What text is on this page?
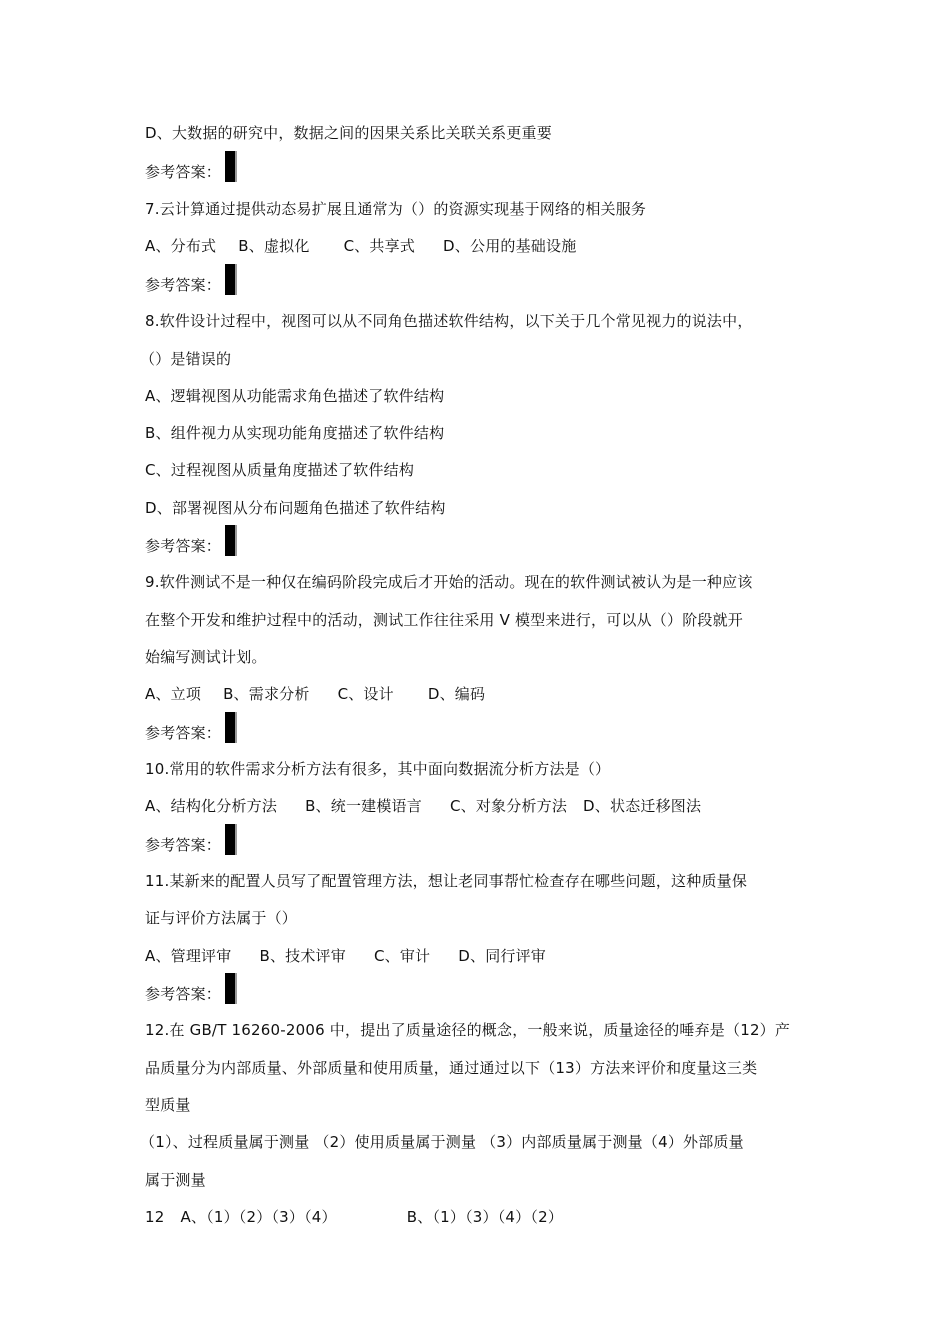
D、大数据的研究中，数据之间的因果关系比关联关系更重要
参考答案：
7.云计算通过提供动态易扩展且通常为（）的资源实现基于网络的相关服务
A、分布式 B、虚拟化 C、共享式 D、公用的基础设施
参考答案：
8.软件设计过程中，视图可以从不同角色描述软件结构，以下关于几个常见视力的说法中，
（）是错误的
A、逻辑视图从功能需求角色描述了软件结构
B、组件视力从实现功能角度描述了软件结构
C、过程视图从质量角度描述了软件结构
D、部署视图从分布问题角色描述了软件结构
参考答案：
9.软件测试不是一种仅在编码阶段完成后才开始的活动。现在的软件测试被认为是一种应该
在整个开发和维护过程中的活动，测试工作往往采用 V 模型来进行，可以从（）阶段就开
始编写测试计划。
A、立项 B、需求分析 C、设计 D、编码
参考答案：
10.常用的软件需求分析方法有很多，其中面向数据流分析方法是（）
A、结构化分析方法 B、统一建模语言 C、对象分析方法 D、状态迁移图法
参考答案：
11.某新来的配置人员写了配置管理方法，想让老同事帮忙检查存在哪些问题，这种质量保
证与评价方法属于（）
A、管理评审 B、技术评审 C、审计 D、同行评审
参考答案：
12.在 GB/T 16260-2006 中，提出了质量途径的概念，一般来说，质量途径的唾弃是（12）产
品质量分为内部质量、外部质量和使用质量，通过通过以下（13）方法来评价和度量这三类
型质量
（1）、过程质量属于测量 （2）使用质量属于测量 （3）内部质量属于测量（4）外部质量
属于测量
12 A、（1）（2）（3）（4）	B、（1）（3）（4）（2）
